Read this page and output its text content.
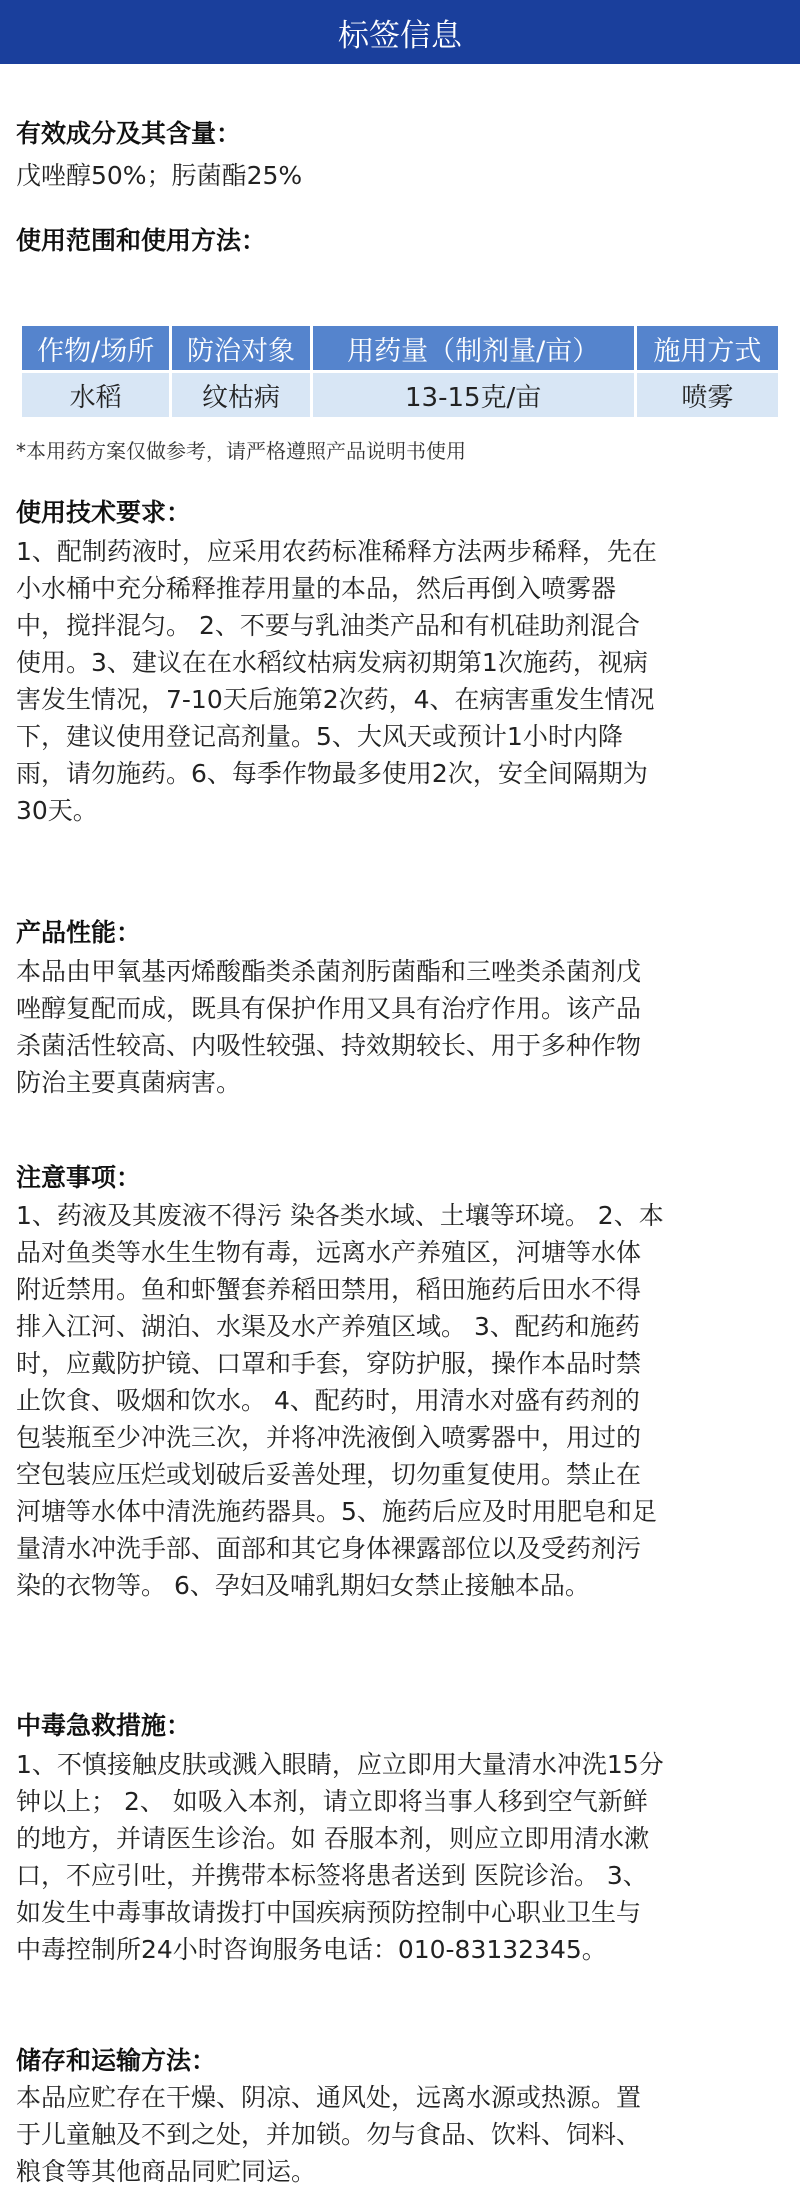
标签信息
有效成分及其含量：
戊唑醇50%；肟菌酯25%
使用范围和使用方法：
作物/场所	防治对象	用药量（制剂量/亩）	施用方式
水稻	纹枯病	13-15克/亩	喷雾
*本用药方案仅做参考，请严格遵照产品说明书使用
使用技术要求：
1、配制药液时，应采用农药标准稀释方法两步稀释，先在
小水桶中充分稀释推荐用量的本品，然后再倒入喷雾器
中，搅拌混匀。 2、不要与乳油类产品和有机硅助剂混合
使用。3、建议在在水稻纹枯病发病初期第1次施药，视病
害发生情况，7-10天后施第2次药，4、在病害重发生情况
下，建议使用登记高剂量。5、大风天或预计1小时内降
雨，请勿施药。6、每季作物最多使用2次，安全间隔期为
30天。
产品性能：
本品由甲氧基丙烯酸酯类杀菌剂肟菌酯和三唑类杀菌剂戊
唑醇复配而成，既具有保护作用又具有治疗作用。该产品
杀菌活性较高、内吸性较强、持效期较长、用于多种作物
防治主要真菌病害。
注意事项：
1、药液及其废液不得污 染各类水域、土壤等环境。 2、本
品对鱼类等水生生物有毒，远离水产养殖区，河塘等水体
附近禁用。鱼和虾蟹套养稻田禁用，稻田施药后田水不得
排入江河、湖泊、水渠及水产养殖区域。 3、配药和施药
时，应戴防护镜、口罩和手套，穿防护服，操作本品时禁
止饮食、吸烟和饮水。 4、配药时，用清水对盛有药剂的
包装瓶至少冲洗三次，并将冲洗液倒入喷雾器中，用过的
空包装应压烂或划破后妥善处理，切勿重复使用。禁止在
河塘等水体中清洗施药器具。5、施药后应及时用肥皂和足
量清水冲洗手部、面部和其它身体裸露部位以及受药剂污
染的衣物等。 6、孕妇及哺乳期妇女禁止接触本品。
中毒急救措施：
1、不慎接触皮肤或溅入眼睛，应立即用大量清水冲洗15分
钟以上； 2、 如吸入本剂，请立即将当事人移到空气新鲜
的地方，并请医生诊治。如 吞服本剂，则应立即用清水漱
口，不应引吐，并携带本标签将患者送到 医院诊治。 3、
如发生中毒事故请拨打中国疾病预防控制中心职业卫生与
中毒控制所24小时咨询服务电话：010-83132345。
储存和运输方法：
本品应贮存在干燥、阴凉、通风处，远离水源或热源。置
于儿童触及不到之处，并加锁。勿与食品、饮料、饲料、
粮食等其他商品同贮同运。
